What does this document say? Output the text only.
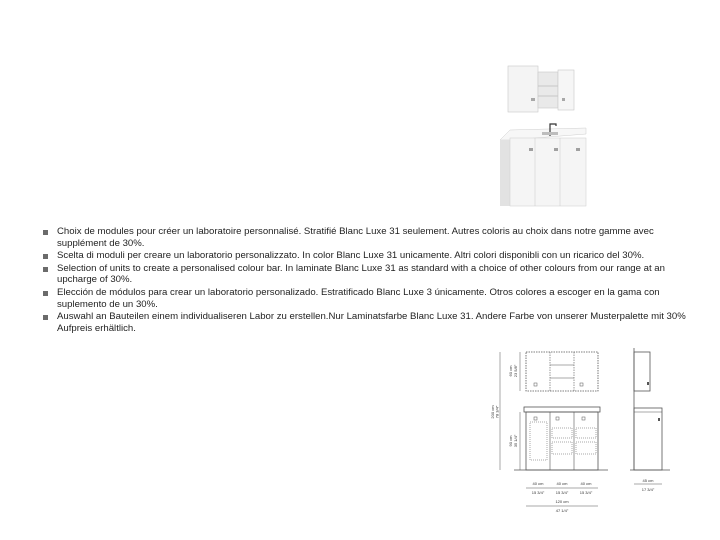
Choix de modules pour créer un laboratoire personnalisé. Stratifié Blanc Luxe 31 seulement. Autres coloris au choix dans notre gamme avec supplément de 30%.
Scelta di moduli per creare un laboratorio personalizzato. In color Blanc Luxe 31 unicamente. Altri colori disponibli con un ricarico del 30%.
Selection of units to create a personalised colour bar. In laminate Blanc Luxe 31 as standard with a choice of other colours from our range at an upcharge of 30%.
Elección de módulos para crear un laboratorio personalizado. Estratificado Blanc Luxe 3 únicamente. Otros colores a escoger en la gama con suplemento de un 30%.
Auswahl an Bauteilen einem individualiseren Labor zu erstellen.Nur Laminatsfarbe Blanc Luxe 31. Andere Farbe von unserer Musterpalette mit 30% Aufpreis erhältlich.
60 cm 23 5/8"
200 cm 78 3/4"
90 cm 35 1/4"
40 cm	40 cm	40 cm
15 3/4"	15 3/4"	15 3/4"
120 cm
47 1/4"
45 cm
17 3/4"
